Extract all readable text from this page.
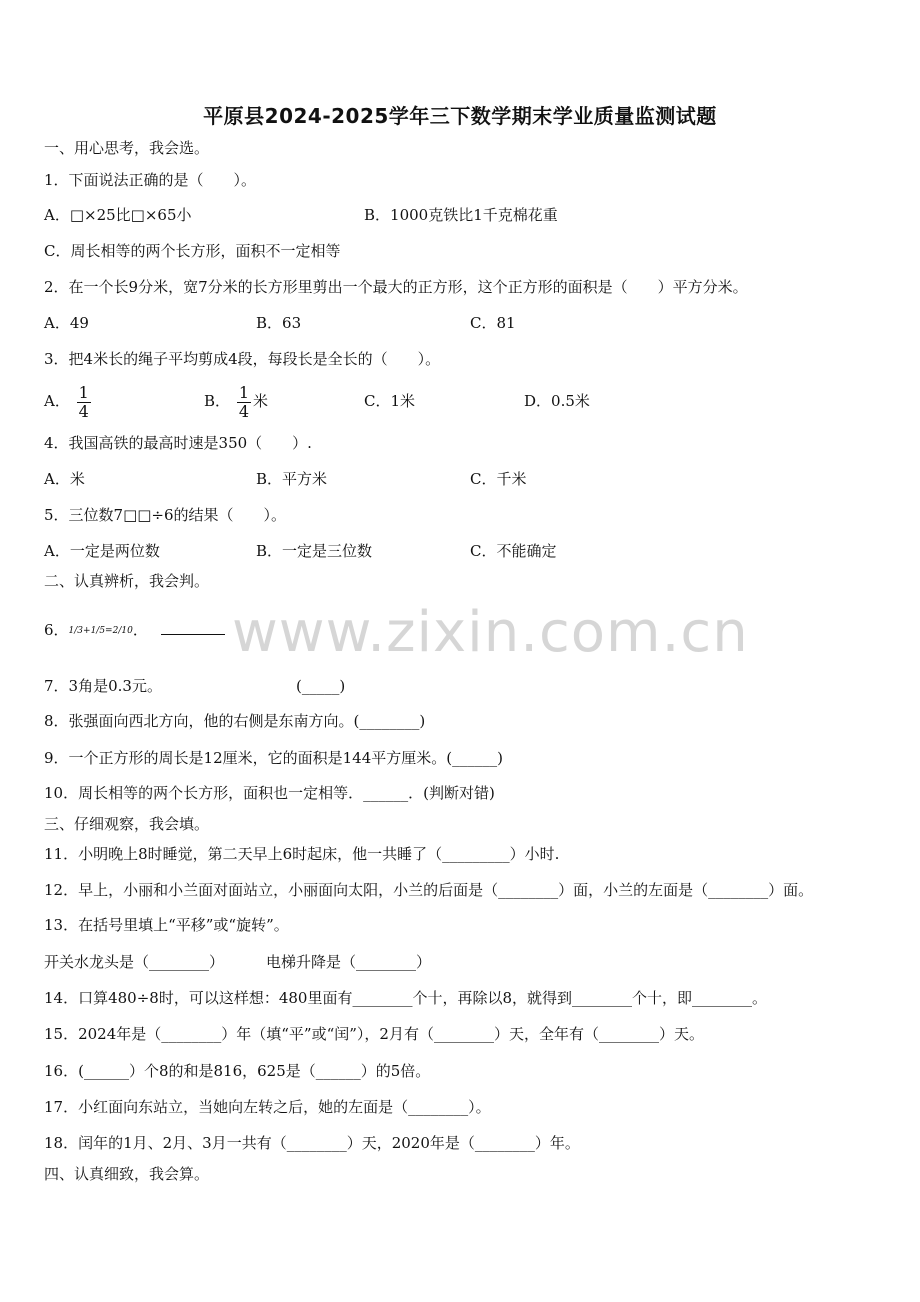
平原县2024-2025学年三下数学期末学业质量监测试题
www.zixin.com.cn
一、用心思考，我会选。
1．下面说法正确的是（　　）。
A．□×25比□×65小	B．1000克铁比1千克棉花重
C．周长相等的两个长方形，面积不一定相等
2．在一个长9分米，宽7分米的长方形里剪出一个最大的正方形，这个正方形的面积是（　　）平方分米。
A．49	B．63	C．81
3．把4米长的绳子平均剪成4段，每段长是全长的（　　）。
A． $\frac{1}{4}$	B． $\frac{1}{4}$ 米	C．1米	D．0.5米
4．我国高铁的最高时速是350（　　）.
A．米	B．平方米	C．千米
5．三位数7□□÷6的结果（　　）。
A．一定是两位数	B．一定是三位数	C．不能确定
二、认真辨析，我会判。
6．1/3+1/5=2/10．
7．3角是0.3元。	(_____)
8．张强面向西北方向，他的右侧是东南方向。(________)
9．一个正方形的周长是12厘米，它的面积是144平方厘米。(______)
10．周长相等的两个长方形，面积也一定相等．______．(判断对错)
三、仔细观察，我会填。
11．小明晚上8时睡觉，第二天早上6时起床，他一共睡了（_________）小时.
12．早上，小丽和小兰面对面站立，小丽面向太阳，小兰的后面是（________）面，小兰的左面是（________）面。
13．在括号里填上“平移”或“旋转”。
开关水龙头是（________）	电梯升降是（________）
14．口算480÷8时，可以这样想：480里面有________个十，再除以8，就得到________个十，即________。
15．2024年是（________）年（填“平”或“闰”），2月有（________）天，全年有（________）天。
16．(______）个8的和是816，625是（______）的5倍。
17．小红面向东站立，当她向左转之后，她的左面是（________）。
18．闰年的1月、2月、3月一共有（________）天，2020年是（________）年。
四、认真细致，我会算。
